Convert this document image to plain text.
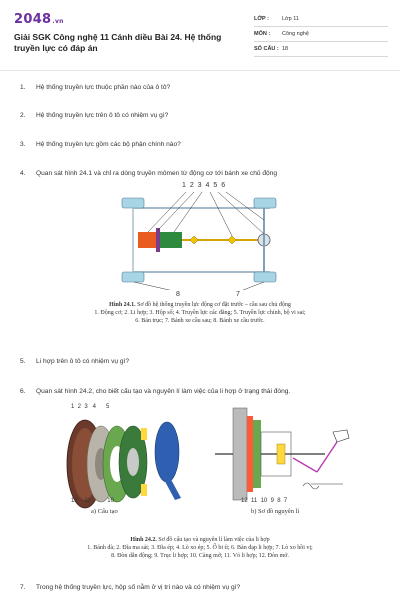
2048.vn
Giải SGK Công nghệ 11 Cánh diều Bài 24. Hệ thống truyền lực có đáp án
LỚP :	Lớp 11
MÔN :	Công nghệ
SỐ CÂU : 18
1.	Hệ thống truyền lực thuộc phần nào của ô tô?
2.	Hệ thống truyền lực trên ô tô có nhiệm vụ gì?
3.	Hệ thống truyền lực gồm các bộ phận chính nào?
4.	Quan sát hình 24.1 và chỉ ra dòng truyền mômen từ động cơ tới bánh xe chủ động
1 2 3 4 5 6
8	7
Hình 24.1. Sơ đồ hệ thống truyền lực động cơ đặt trước – cầu sau chủ động
1. Động cơ; 2. Li hợp; 3. Hộp số; 4. Truyền lực các đăng; 5. Truyền lực chính, bộ vi sai;
6. Bán trục; 7. Bánh xe cầu sau; 8. Bánh xe cầu trước.
5.	Li hợp trên ô tô có nhiệm vụ gì?
6.	Quan sát hình 24.2, cho biết cấu tạo và nguyên lí làm việc của li hợp ở trạng thái đóng.
1  2  3   4      5
12    11          10
a) Cấu tạo
12  11  10  9  8  7
b) Sơ đồ nguyên lí
Hình 24.2. Sơ đồ cấu tạo và nguyên lí làm việc của li hợp
1. Bánh đà; 2. Đĩa ma sát; 3. Đĩa ép; 4. Lò xo ép; 5. Ổ bi tì; 6. Bàn đạp li hợp; 7. Lò xo hồi vị;
8. Đòn dẫn động; 9. Trục li hợp; 10. Càng mở; 11. Vỏ li hợp; 12. Đòn mở.
7.	Trong hệ thống truyền lực, hộp số nằm ở vị trí nào và có nhiệm vụ gì?
